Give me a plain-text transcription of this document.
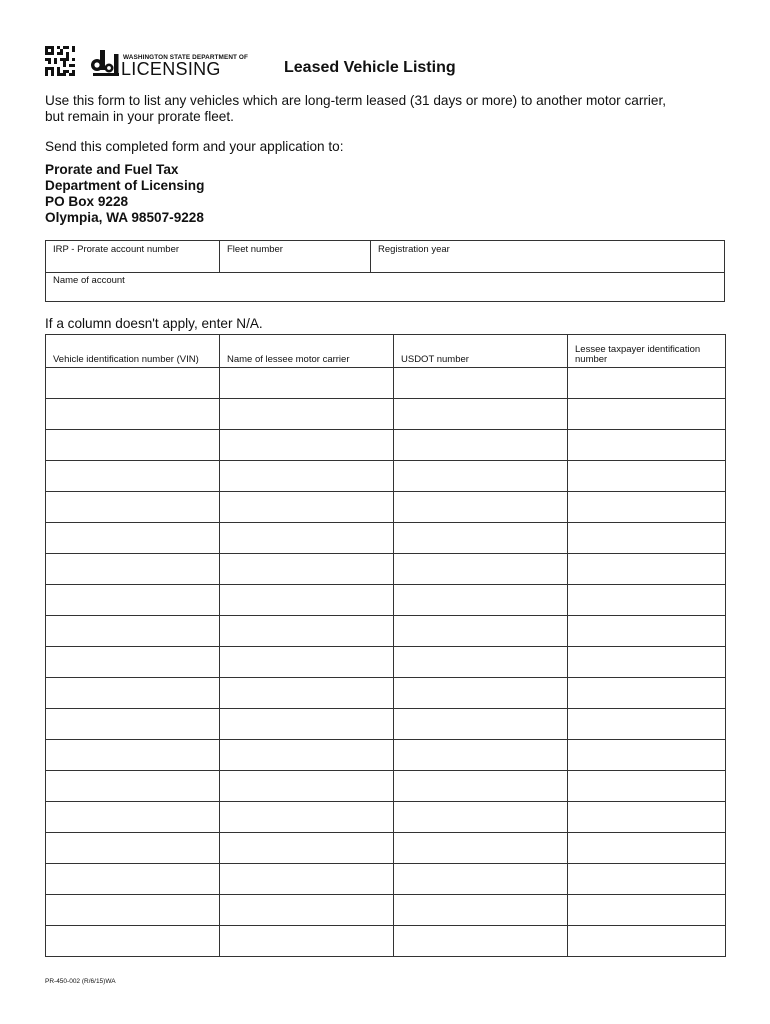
WASHINGTON STATE DEPARTMENT OF
LICENSING	Leased Vehicle Listing
Use this form to list any vehicles which are long-term leased (31 days or more) to another motor carrier,
but remain in your prorate fleet.
Send this completed form and your application to:
Prorate and Fuel Tax
Department of Licensing
PO Box 9228
Olympia, WA 98507-9228
IRP - Prorate account number	Fleet number	Registration year
Name of account
If a column doesn't apply, enter N/A.
Vehicle identification number (VIN)	Name of lessee motor carrier	USDOT number	Lessee taxpayer identification number

PR-450-002 (R/6/15)WA
